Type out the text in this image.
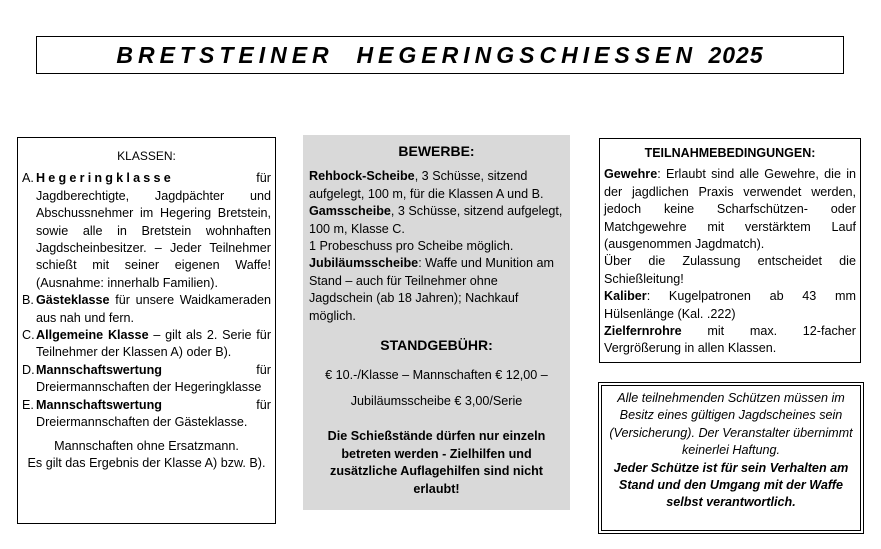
BRETSTEINER  HEGERINGSCHIESSEN 2025
KLASSEN:
A. Hegeringklasse für Jagdberechtigte, Jagdpächter und Abschussnehmer im Hegering Bretstein, sowie alle in Bretstein wohnhaften Jagdscheinbesitzer. – Jeder Teilnehmer schießt mit seiner eigenen Waffe! (Ausnahme: innerhalb Familien).
B. Gästeklasse für unsere Waidkameraden aus nah und fern.
C. Allgemeine Klasse – gilt als 2. Serie für Teilnehmer der Klassen A) oder B).
D. Mannschaftswertung für Dreiermannschaften der Hegeringklasse
E. Mannschaftswertung für Dreiermannschaften der Gästeklasse.
Mannschaften ohne Ersatzmann.
Es gilt das Ergebnis der Klasse A) bzw. B).
BEWERBE:
Rehbock-Scheibe, 3 Schüsse, sitzend aufgelegt, 100 m, für die Klassen A und B.
Gamsscheibe, 3 Schüsse, sitzend aufgelegt, 100 m, Klasse C.
1 Probeschuss pro Scheibe möglich.
Jubiläumsscheibe: Waffe und Munition am Stand – auch für Teilnehmer ohne Jagdschein (ab 18 Jahren); Nachkauf möglich.
STANDGEBÜHR:
€ 10.-/Klasse – Mannschaften € 12,00 –
Jubiläumsscheibe € 3,00/Serie
Die Schießstände dürfen nur einzeln betreten werden - Zielhilfen und zusätzliche Auflagehilfen sind nicht erlaubt!
TEILNAHMEBEDINGUNGEN:
Gewehre: Erlaubt sind alle Gewehre, die in der jagdlichen Praxis verwendet werden, jedoch keine Scharfschützen- oder Matchgewehre mit verstärktem Lauf (ausgenommen Jagdmatch).
Über die Zulassung entscheidet die Schießleitung!
Kaliber: Kugelpatronen ab 43 mm Hülsenlänge (Kal. .222)
Zielfernrohre mit max. 12-facher Vergrößerung in allen Klassen.
Alle teilnehmenden Schützen müssen im Besitz eines gültigen Jagdscheines sein (Versicherung). Der Veranstalter übernimmt keinerlei Haftung.
Jeder Schütze ist für sein Verhalten am Stand und den Umgang mit der Waffe selbst verantwortlich.
